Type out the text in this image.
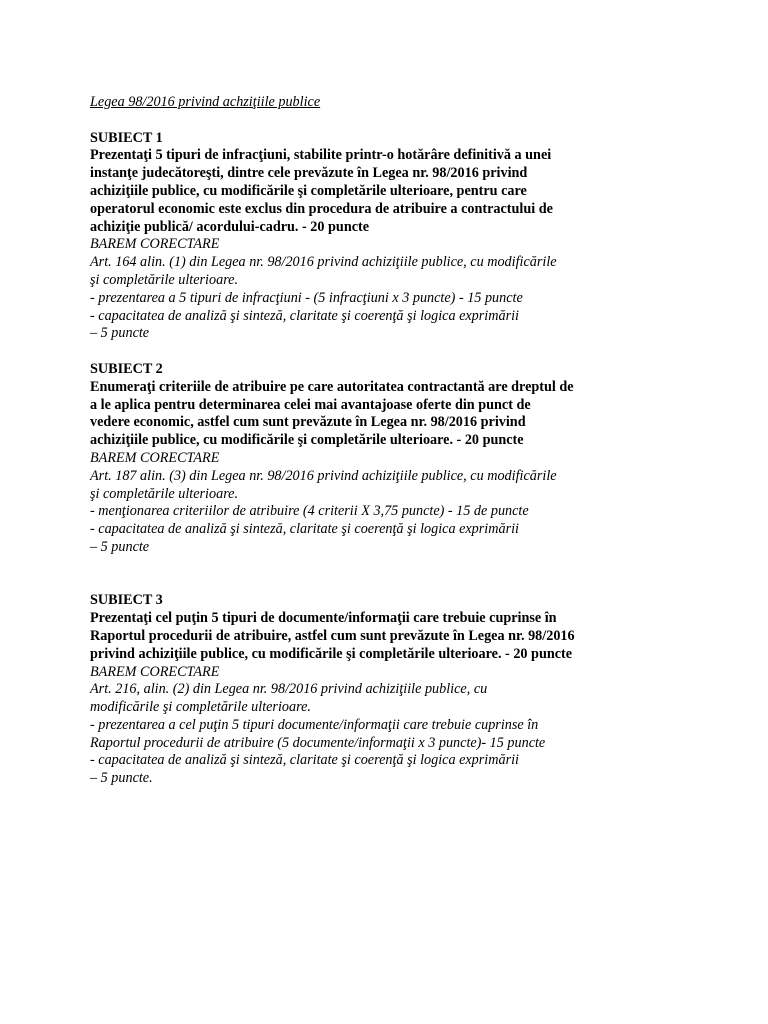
Legea 98/2016 privind achziţiile publice
SUBIECT 1
Prezentaţi 5 tipuri de infracţiuni, stabilite printr-o hotărâre definitivă a unei
instanţe judecătoreşti, dintre cele prevăzute în Legea nr. 98/2016 privind
achiziţiile publice, cu modificările şi completările ulterioare, pentru care
operatorul economic este exclus din procedura de atribuire a contractului de
achiziţie publică/ acordului-cadru. - 20 puncte
BAREM CORECTARE
Art. 164 alin. (1) din Legea nr. 98/2016 privind achiziţiile publice, cu modificările
şi completările ulterioare.
- prezentarea a 5 tipuri de infracţiuni - (5 infracţiuni x 3 puncte) - 15 puncte
- capacitatea de analiză şi sinteză, claritate şi coerenţă şi logica exprimării
– 5 puncte
SUBIECT 2
Enumeraţi criteriile de atribuire pe care autoritatea contractantă are dreptul de
a le aplica pentru determinarea celei mai avantajoase oferte din punct de
vedere economic, astfel cum sunt prevăzute în Legea nr. 98/2016 privind
achiziţiile publice, cu modificările şi completările ulterioare. - 20 puncte
BAREM CORECTARE
Art. 187 alin. (3) din Legea nr. 98/2016 privind achiziţiile publice, cu modificările
şi completările ulterioare.
- menţionarea criteriilor de atribuire (4 criterii X 3,75 puncte) - 15 de puncte
- capacitatea de analiză şi sinteză, claritate şi coerenţă şi logica exprimării
– 5 puncte
SUBIECT 3
Prezentaţi cel puţin 5 tipuri de documente/informaţii care trebuie cuprinse în
Raportul procedurii de atribuire, astfel cum sunt prevăzute în Legea nr. 98/2016
privind achiziţiile publice, cu modificările şi completările ulterioare. - 20 puncte
BAREM CORECTARE
Art. 216, alin. (2) din Legea nr. 98/2016 privind achiziţiile publice, cu
modificările şi completările ulterioare.
- prezentarea a cel puţin 5 tipuri documente/informaţii care trebuie cuprinse în
Raportul procedurii de atribuire (5 documente/informaţii x 3 puncte)- 15 puncte
- capacitatea de analiză şi sinteză, claritate şi coerenţă şi logica exprimării
– 5 puncte.
